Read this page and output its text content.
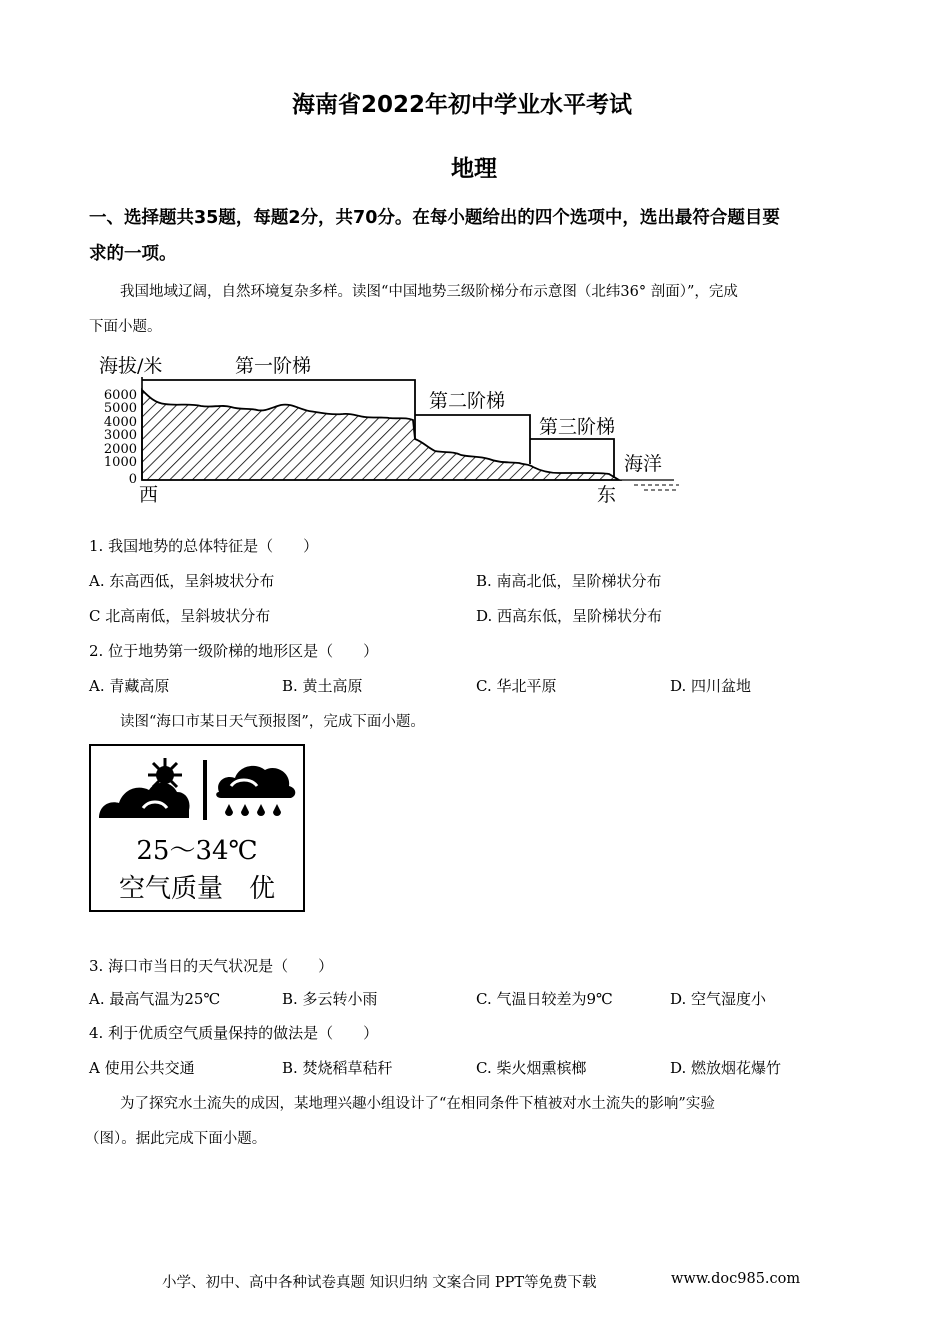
海南省2022年初中学业水平考试
地理
一、选择题共35题，每题2分，共70分。在每小题给出的四个选项中，选出最符合题目要
求的一项。
我国地域辽阔，自然环境复杂多样。读图“中国地势三级阶梯分布示意图（北纬36° 剖面）”，完成
下面小题。
海拔/米
6000
5000
4000
3000
2000
1000
0
第一阶梯
第二阶梯
第三阶梯
海洋
西	东
1. 我国地势的总体特征是（　　）
A. 东高西低，呈斜坡状分布	B. 南高北低，呈阶梯状分布
C 北高南低，呈斜坡状分布	D. 西高东低，呈阶梯状分布
2. 位于地势第一级阶梯的地形区是（　　）
A. 青藏高原	B. 黄土高原	C. 华北平原	D. 四川盆地
读图“海口市某日天气预报图”，完成下面小题。
25～34℃
空气质量　优
3. 海口市当日的天气状况是（　　）
A. 最高气温为25℃	B. 多云转小雨	C. 气温日较差为9℃	D. 空气湿度小
4. 利于优质空气质量保持的做法是（　　）
A 使用公共交通	B. 焚烧稻草秸秆	C. 柴火烟熏槟榔	D. 燃放烟花爆竹
为了探究水土流失的成因，某地理兴趣小组设计了“在相同条件下植被对水土流失的影响”实验
（图）。据此完成下面小题。
小学、初中、高中各种试卷真题 知识归纳 文案合同 PPT等免费下载	www.doc985.com
